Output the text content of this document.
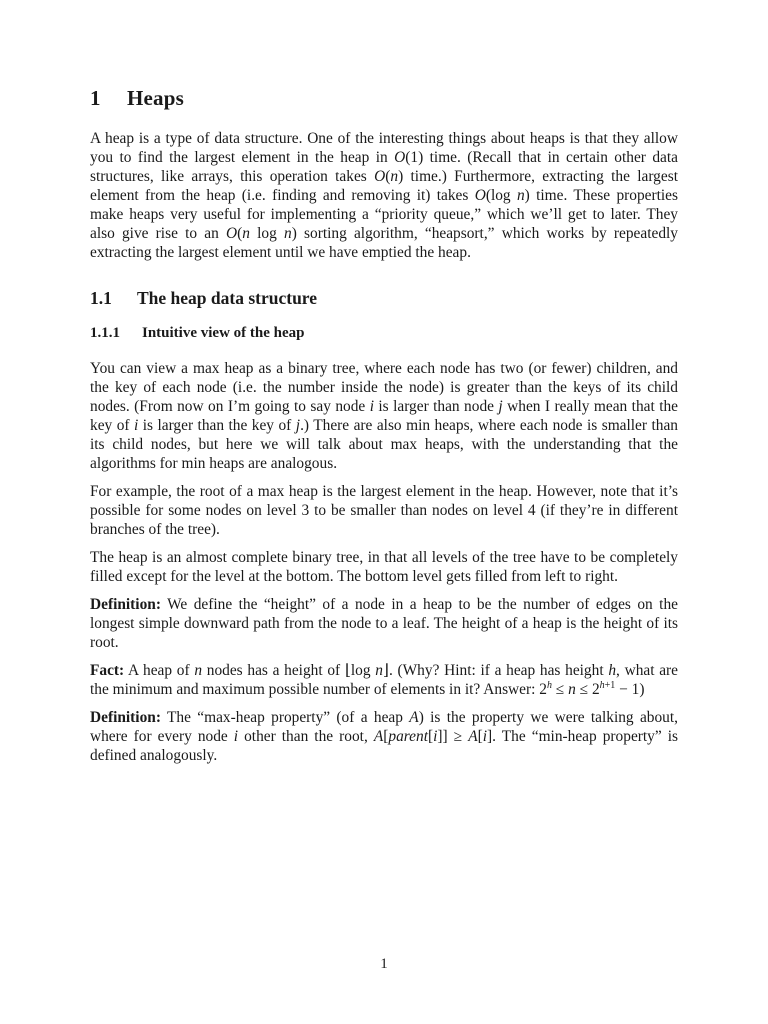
1 Heaps

A heap is a type of data structure. One of the interesting things about heaps is that they allow you to find the largest element in the heap in O(1) time. (Recall that in certain other data structures, like arrays, this operation takes O(n) time.) Furthermore, extracting the largest element from the heap (i.e. finding and removing it) takes O(log n) time. These properties make heaps very useful for implementing a “priority queue,” which we’ll get to later. They also give rise to an O(n log n) sorting algorithm, “heapsort,” which works by repeatedly extracting the largest element until we have emptied the heap.

1.1 The heap data structure
1.1.1 Intuitive view of the heap

You can view a max heap as a binary tree, where each node has two (or fewer) children, and the key of each node (i.e. the number inside the node) is greater than the keys of its child nodes. (From now on I’m going to say node i is larger than node j when I really mean that the key of i is larger than the key of j.) There are also min heaps, where each node is smaller than its child nodes, but here we will talk about max heaps, with the understanding that the algorithms for min heaps are analogous.

For example, the root of a max heap is the largest element in the heap. However, note that it’s possible for some nodes on level 3 to be smaller than nodes on level 4 (if they’re in different branches of the tree).

The heap is an almost complete binary tree, in that all levels of the tree have to be completely filled except for the level at the bottom. The bottom level gets filled from left to right.

Definition: We define the “height” of a node in a heap to be the number of edges on the longest simple downward path from the node to a leaf. The height of a heap is the height of its root.

Fact: A heap of n nodes has a height of ⌊log n⌋. (Why? Hint: if a heap has height h, what are the minimum and maximum possible number of elements in it? Answer: $2^h \le n \le 2^{h+1} - 1$)

Definition: The “max-heap property” (of a heap A) is the property we were talking about, where for every node i other than the root, A[parent[i]] ≥ A[i]. The “min-heap property” is defined analogously.

1
